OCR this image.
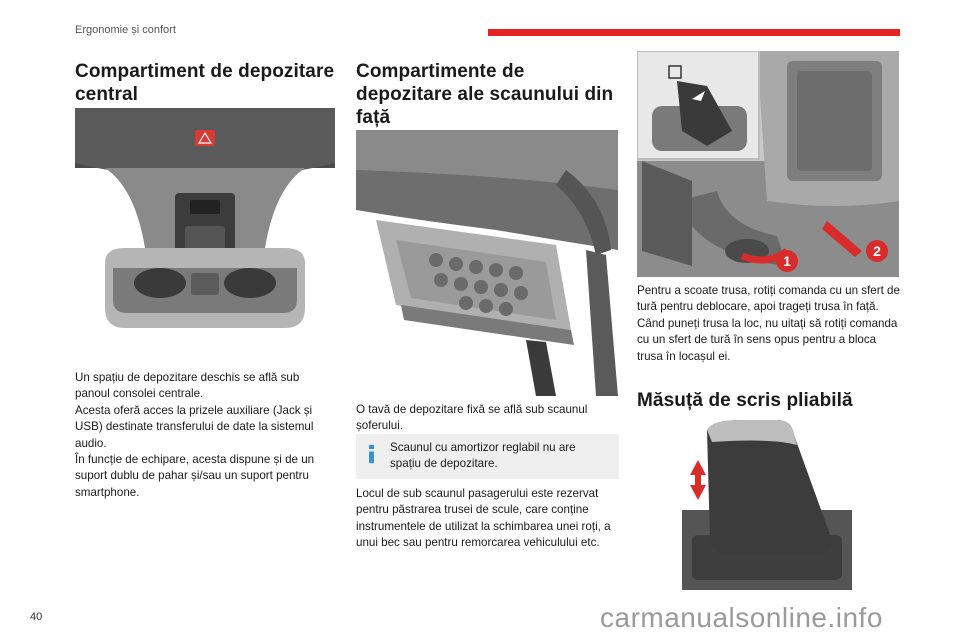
Ergonomie și confort
Compartiment de depozitare central

Un spațiu de depozitare deschis se află sub panoul consolei centrale.

Acesta oferă acces la prizele auxiliare (Jack și USB) destinate transferului de date la sistemul audio.

În funcție de echipare, acesta dispune și de un suport dublu de pahar și/sau un suport pentru smartphone.

Compartimente de depozitare ale scaunului din față
O tavă de depozitare fixă se află sub scaunul șoferului.
Scaunul cu amortizor reglabil nu are spațiu de depozitare.
Locul de sub scaunul pasagerului este rezervat pentru păstrarea trusei de scule, care conține instrumentele de utilizat la schimbarea unei roți, a unui bec sau pentru remorcarea vehiculului etc.
1
2

Pentru a scoate trusa, rotiți comanda cu un sfert de tură pentru deblocare, apoi trageți trusa în față.

Când puneți trusa la loc, nu uitați să rotiți comanda cu un sfert de tură în sens opus pentru a bloca trusa în locașul ei.

Măsuță de scris pliabilă
40	carmanualsonline.info
